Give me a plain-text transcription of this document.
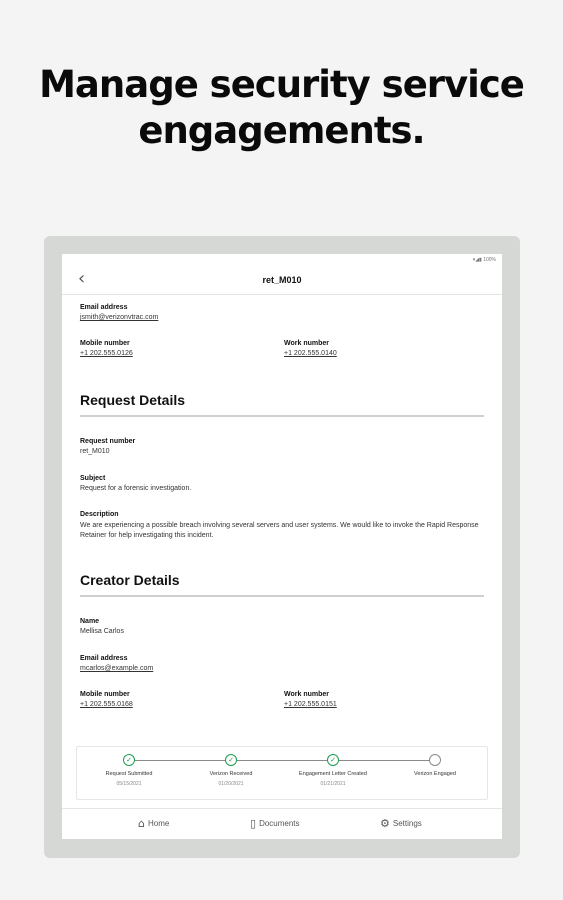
Manage security service
engagements.
▾◢▮ 100%
‹	ret_M010
Email address
jsmith@verizonvtrac.com
Mobile number
+1 202.555.0126
Work number
+1 202.555.0140
Request Details
Request number
ret_M010
Subject
Request for a forensic investigation.
Description
We are experiencing a possible breach involving several servers and user systems. We would like to invoke the Rapid Response Retainer for help investigating this incident.
Creator Details
Name
Mellisa Carlos
Email address
mcarlos@example.com
Mobile number
+1 202.555.0168
Work number
+1 202.555.0151
✓
Request Submitted
05/15/2021
✓
Verizon Received
01/20/2021
✓
Engagement Letter Created
01/21/2021
Verizon Engaged
⌂ Home	▯ Documents	⚙ Settings
